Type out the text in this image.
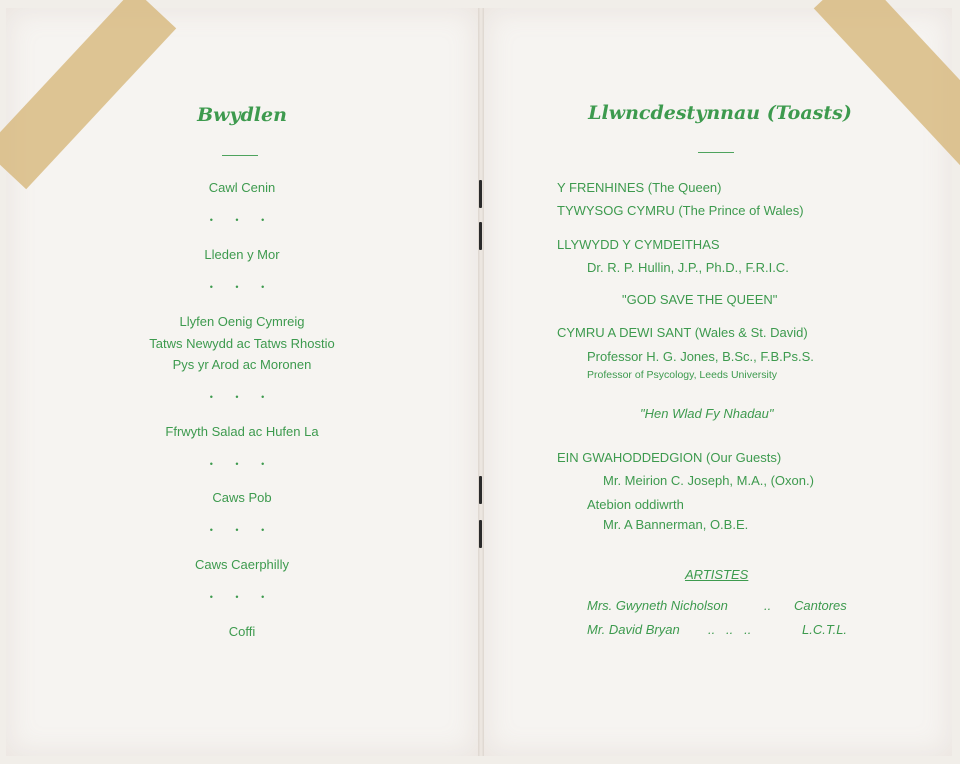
Bwydlen
Cawl Cenin
• • •
Lleden y Mor
• • •
Llyfen Oenig Cymreig
Tatws Newydd ac Tatws Rhostio
Pys yr Arod ac Moronen
• • •
Ffrwyth Salad ac Hufen La
• • •
Caws Pob
• • •
Caws Caerphilly
• • •
Coffi
Llwncdestynnau (Toasts)
Y FRENHINES (The Queen)
TYWYSOG CYMRU (The Prince of Wales)
LLYWYDD Y CYMDEITHAS
Dr. R. P. Hullin, J.P., Ph.D., F.R.I.C.
"GOD SAVE THE QUEEN"
CYMRU A DEWI SANT (Wales & St. David)
Professor H. G. Jones, B.Sc., F.B.Ps.S.
Professor of Psycology, Leeds University
"Hen Wlad Fy Nhadau"
EIN GWAHODDEDGION (Our Guests)
Mr. Meirion C. Joseph, M.A., (Oxon.)
Atebion oddiwrth
Mr. A Bannerman, O.B.E.
ARTISTES
Mrs. Gwyneth Nicholson	.. Cantores
Mr. David Bryan ..   ..   ..	L.C.T.L.
